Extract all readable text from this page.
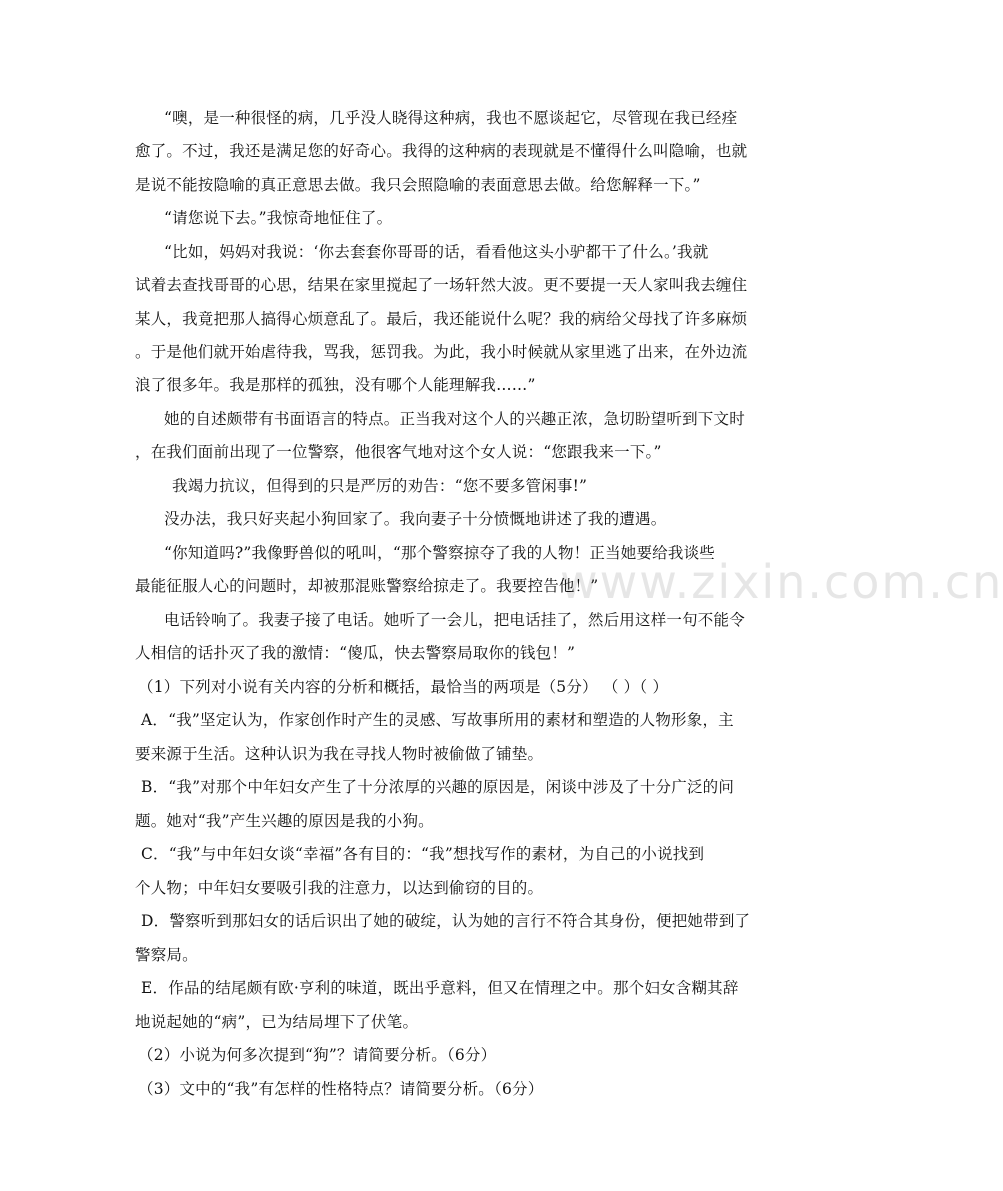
www.zixin.com.cn
“噢，是一种很怪的病，几乎没人晓得这种病，我也不愿谈起它，尽管现在我已经痊
愈了。不过，我还是满足您的好奇心。我得的这种病的表现就是不懂得什么叫隐喻，也就
是说不能按隐喻的真正意思去做。我只会照隐喻的表面意思去做。给您解释一下。”
“请您说下去。”我惊奇地怔住了。
“比如，妈妈对我说：‘你去套套你哥哥的话，看看他这头小驴都干了什么。’我就
试着去查找哥哥的心思，结果在家里搅起了一场轩然大波。更不要提一天人家叫我去缠住
某人，我竟把那人搞得心烦意乱了。最后，我还能说什么呢？我的病给父母找了许多麻烦
。于是他们就开始虐待我，骂我，惩罚我。为此，我小时候就从家里逃了出来，在外边流
浪了很多年。我是那样的孤独，没有哪个人能理解我……”
她的自述颇带有书面语言的特点。正当我对这个人的兴趣正浓，急切盼望听到下文时
，在我们面前出现了一位警察，他很客气地对这个女人说：“您跟我来一下。”
我竭力抗议，但得到的只是严厉的劝告：“您不要多管闲事!”
没办法，我只好夹起小狗回家了。我向妻子十分愤慨地讲述了我的遭遇。
“你知道吗?”我像野兽似的吼叫，“那个警察掠夺了我的人物！正当她要给我谈些
最能征服人心的问题时，却被那混账警察给掠走了。我要控告他！”
电话铃响了。我妻子接了电话。她听了一会儿，把电话挂了，然后用这样一句不能令
人相信的话扑灭了我的激情：“傻瓜，快去警察局取你的钱包！”
（1）下列对小说有关内容的分析和概括，最恰当的两项是（5分） （ ）（ ）
A．“我”坚定认为，作家创作时产生的灵感、写故事所用的素材和塑造的人物形象，主
要来源于生活。这种认识为我在寻找人物时被偷做了铺垫。
B．“我”对那个中年妇女产生了十分浓厚的兴趣的原因是，闲谈中涉及了十分广泛的问
题。她对“我”产生兴趣的原因是我的小狗。
C．“我”与中年妇女谈“幸福”各有目的：“我”想找写作的素材，为自己的小说找到
个人物；中年妇女要吸引我的注意力，以达到偷窃的目的。
D．警察听到那妇女的话后识出了她的破绽，认为她的言行不符合其身份，便把她带到了
警察局。
E．作品的结尾颇有欧·亨利的味道，既出乎意料，但又在情理之中。那个妇女含糊其辞
地说起她的“病”，已为结局埋下了伏笔。
（2）小说为何多次提到“狗”？请简要分析。（6分）
（3）文中的“我”有怎样的性格特点？请简要分析。（6分）
